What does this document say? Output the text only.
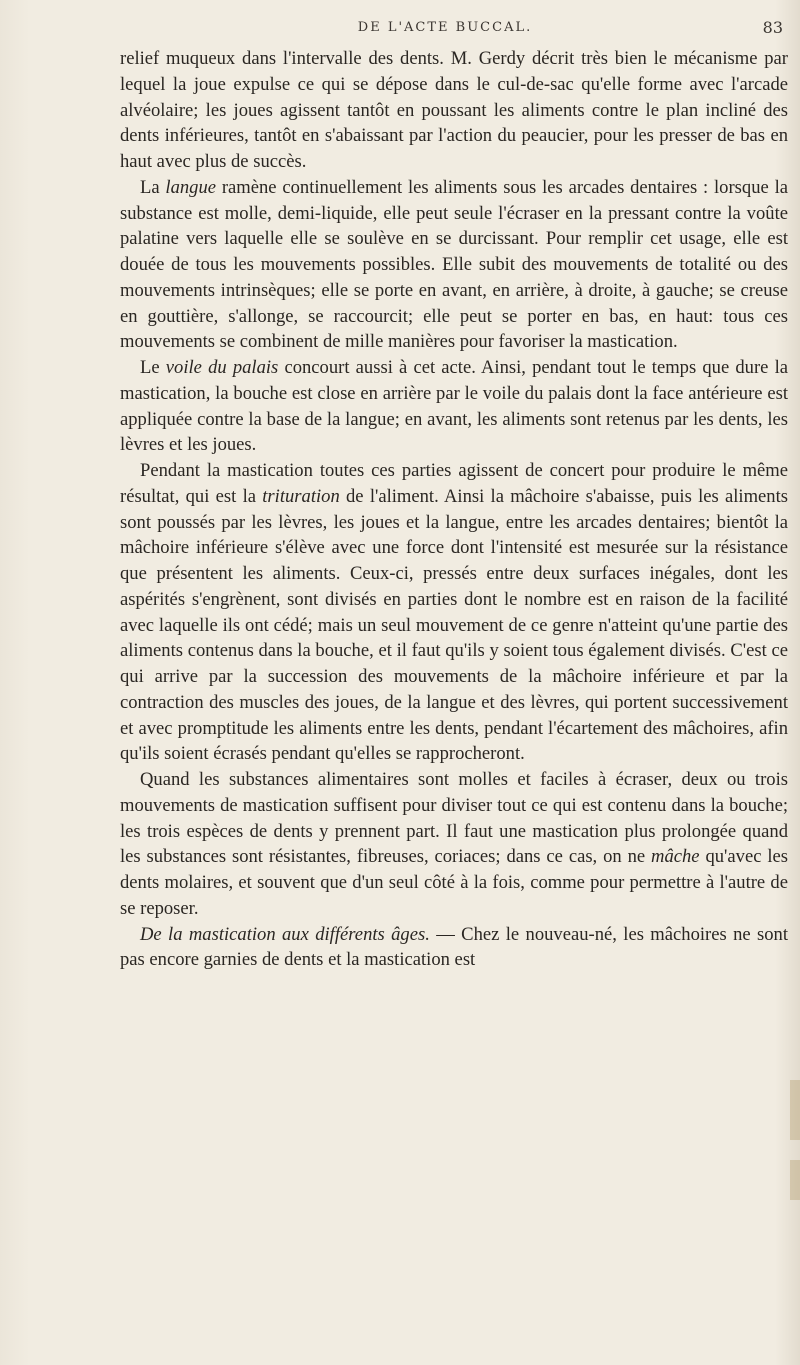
DE L'ACTE BUCCAL.	83

relief muqueux dans l'intervalle des dents. M. Gerdy décrit très bien le mécanisme par lequel la joue expulse ce qui se dépose dans le cul-de-sac qu'elle forme avec l'arcade alvéolaire; les joues agissent tantôt en poussant les aliments contre le plan incliné des dents inférieures, tantôt en s'abaissant par l'action du peaucier, pour les presser de bas en haut avec plus de succès.

La langue ramène continuellement les aliments sous les arcades dentaires : lorsque la substance est molle, demi-liquide, elle peut seule l'écraser en la pressant contre la voûte palatine vers laquelle elle se soulève en se durcissant. Pour remplir cet usage, elle est douée de tous les mouvements possibles. Elle subit des mouvements de totalité ou des mouvements intrinsèques; elle se porte en avant, en arrière, à droite, à gauche; se creuse en gouttière, s'allonge, se raccourcit; elle peut se porter en bas, en haut: tous ces mouvements se combinent de mille manières pour favoriser la mastication.

Le voile du palais concourt aussi à cet acte. Ainsi, pendant tout le temps que dure la mastication, la bouche est close en arrière par le voile du palais dont la face antérieure est appliquée contre la base de la langue; en avant, les aliments sont retenus par les dents, les lèvres et les joues.

Pendant la mastication toutes ces parties agissent de concert pour produire le même résultat, qui est la trituration de l'aliment. Ainsi la mâchoire s'abaisse, puis les aliments sont poussés par les lèvres, les joues et la langue, entre les arcades dentaires; bientôt la mâchoire inférieure s'élève avec une force dont l'intensité est mesurée sur la résistance que présentent les aliments. Ceux-ci, pressés entre deux surfaces inégales, dont les aspérités s'engrènent, sont divisés en parties dont le nombre est en raison de la facilité avec laquelle ils ont cédé; mais un seul mouvement de ce genre n'atteint qu'une partie des aliments contenus dans la bouche, et il faut qu'ils y soient tous également divisés. C'est ce qui arrive par la succession des mouvements de la mâchoire inférieure et par la contraction des muscles des joues, de la langue et des lèvres, qui portent successivement et avec promptitude les aliments entre les dents, pendant l'écartement des mâchoires, afin qu'ils soient écrasés pendant qu'elles se rapprocheront.

Quand les substances alimentaires sont molles et faciles à écraser, deux ou trois mouvements de mastication suffisent pour diviser tout ce qui est contenu dans la bouche; les trois espèces de dents y prennent part. Il faut une mastication plus prolongée quand les substances sont résistantes, fibreuses, coriaces; dans ce cas, on ne mâche qu'avec les dents molaires, et souvent que d'un seul côté à la fois, comme pour permettre à l'autre de se reposer.

De la mastication aux différents âges. — Chez le nouveau-né, les mâchoires ne sont pas encore garnies de dents et la mastication est
